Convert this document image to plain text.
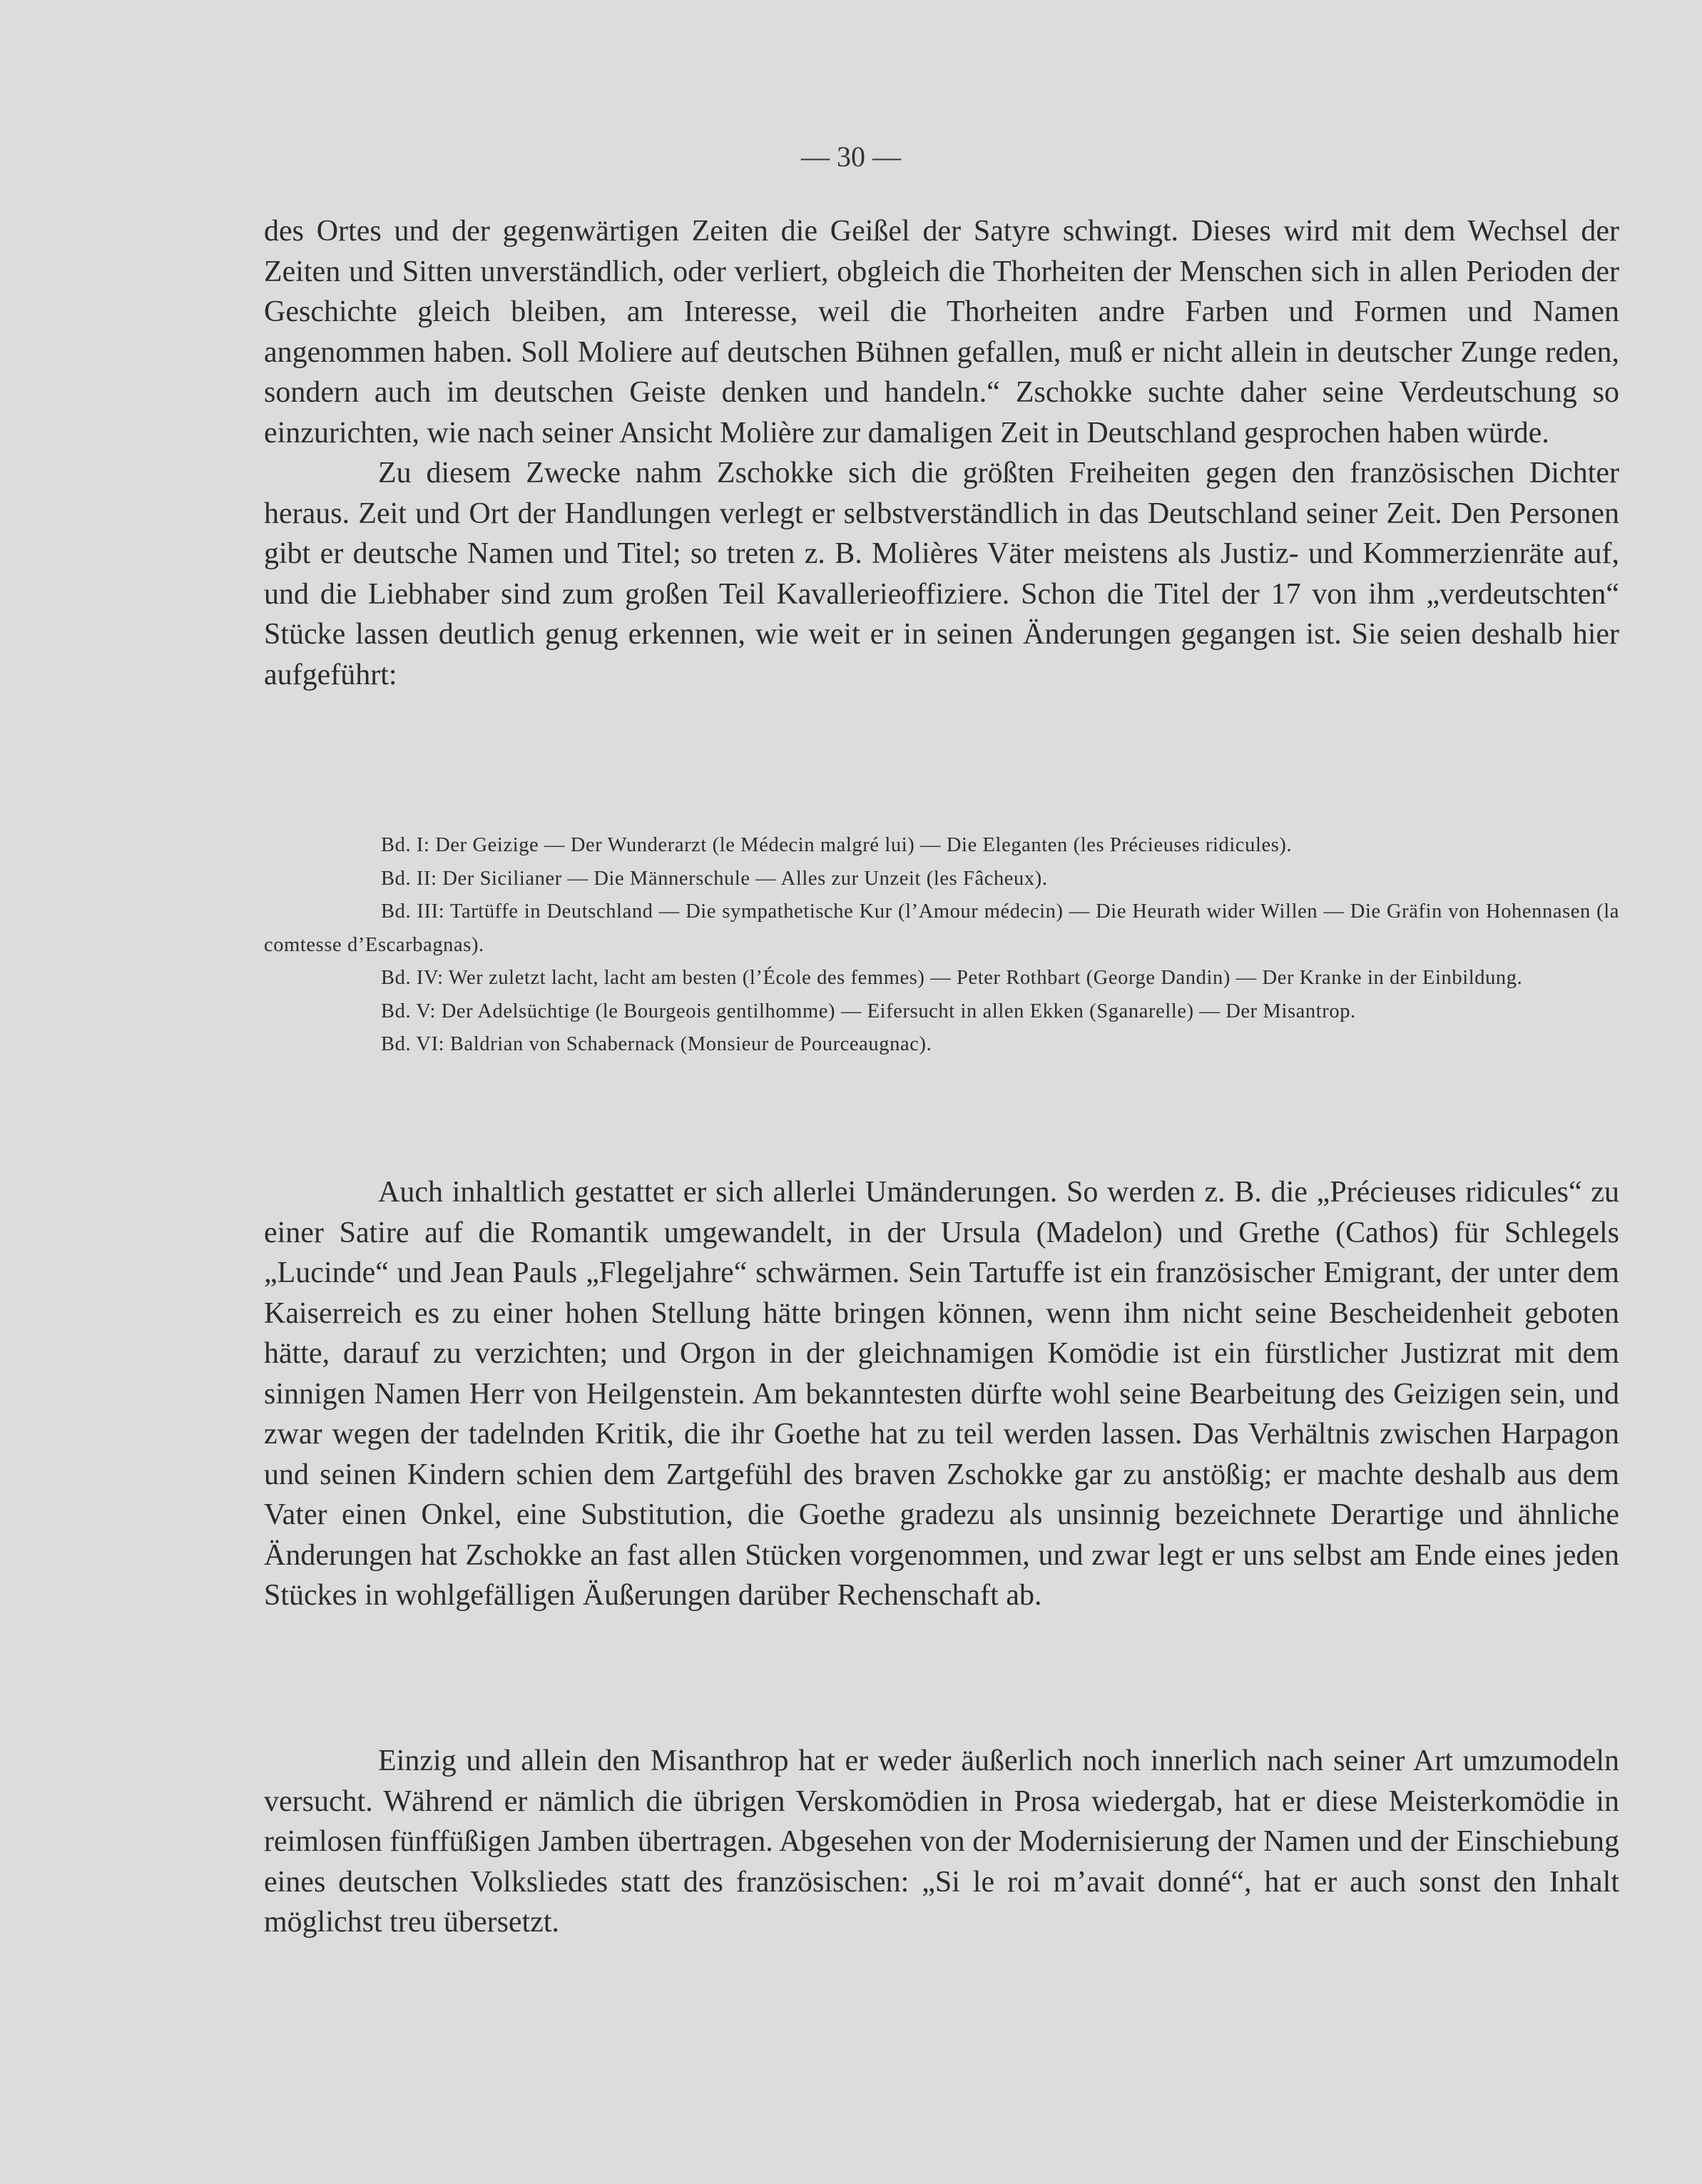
— 30 —

des Ortes und der gegenwärtigen Zeiten die Geißel der Satyre schwingt. Dieses wird mit dem Wechsel der Zeiten und Sitten unverständlich, oder verliert, obgleich die Thorheiten der Menschen sich in allen Perioden der Geschichte gleich bleiben, am Interesse, weil die Thorheiten andre Farben und Formen und Namen angenommen haben. Soll Moliere auf deutschen Bühnen gefallen, muß er nicht allein in deutscher Zunge reden, sondern auch im deutschen Geiste denken und handeln.“ Zschokke suchte daher seine Verdeutschung so einzurichten, wie nach seiner Ansicht Molière zur damaligen Zeit in Deutschland gesprochen haben würde.

Zu diesem Zwecke nahm Zschokke sich die größten Freiheiten gegen den französischen Dichter heraus. Zeit und Ort der Handlungen verlegt er selbstverständlich in das Deutschland seiner Zeit. Den Personen gibt er deutsche Namen und Titel; so treten z. B. Molières Väter meistens als Justiz- und Kommerzienräte auf, und die Liebhaber sind zum großen Teil Kavallerieoffiziere. Schon die Titel der 17 von ihm „verdeutschten“ Stücke lassen deutlich genug erkennen, wie weit er in seinen Änderungen gegangen ist. Sie seien deshalb hier aufgeführt:

Bd. I: Der Geizige — Der Wunderarzt (le Médecin malgré lui) — Die Eleganten (les Précieuses ridicules).

Bd. II: Der Sicilianer — Die Männerschule — Alles zur Unzeit (les Fâcheux).

Bd. III: Tartüffe in Deutschland — Die sympathetische Kur (l’Amour médecin) — Die Heurath wider Willen — Die Gräfin von Hohennasen (la comtesse d’Escarbagnas).

Bd. IV: Wer zuletzt lacht, lacht am besten (l’École des femmes) — Peter Rothbart (George Dandin) — Der Kranke in der Einbildung.

Bd. V: Der Adelsüchtige (le Bourgeois gentilhomme) — Eifersucht in allen Ekken (Sganarelle) — Der Misantrop.

Bd. VI: Baldrian von Schabernack (Monsieur de Pourceaugnac).

Auch inhaltlich gestattet er sich allerlei Umänderungen. So werden z. B. die „Précieuses ridicules“ zu einer Satire auf die Romantik umgewandelt, in der Ursula (Madelon) und Grethe (Cathos) für Schlegels „Lucinde“ und Jean Pauls „Flegeljahre“ schwärmen. Sein Tartuffe ist ein französischer Emigrant, der unter dem Kaiserreich es zu einer hohen Stellung hätte bringen können, wenn ihm nicht seine Bescheidenheit geboten hätte, darauf zu verzichten; und Orgon in der gleichnamigen Komödie ist ein fürstlicher Justizrat mit dem sinnigen Namen Herr von Heilgenstein. Am bekanntesten dürfte wohl seine Bearbeitung des Geizigen sein, und zwar wegen der tadelnden Kritik, die ihr Goethe hat zu teil werden lassen. Das Verhältnis zwischen Harpagon und seinen Kindern schien dem Zartgefühl des braven Zschokke gar zu anstößig; er machte deshalb aus dem Vater einen Onkel, eine Substitution, die Goethe gradezu als unsinnig bezeichnete Derartige und ähnliche Änderungen hat Zschokke an fast allen Stücken vorgenommen, und zwar legt er uns selbst am Ende eines jeden Stückes in wohlgefälligen Äußerungen darüber Rechenschaft ab.

Einzig und allein den Misanthrop hat er weder äußerlich noch innerlich nach seiner Art umzumodeln versucht. Während er nämlich die übrigen Verskomödien in Prosa wiedergab, hat er diese Meisterkomödie in reimlosen fünffüßigen Jamben übertragen. Abgesehen von der Modernisierung der Namen und der Einschiebung eines deutschen Volksliedes statt des französischen: „Si le roi m’avait donné“, hat er auch sonst den Inhalt möglichst treu übersetzt.
